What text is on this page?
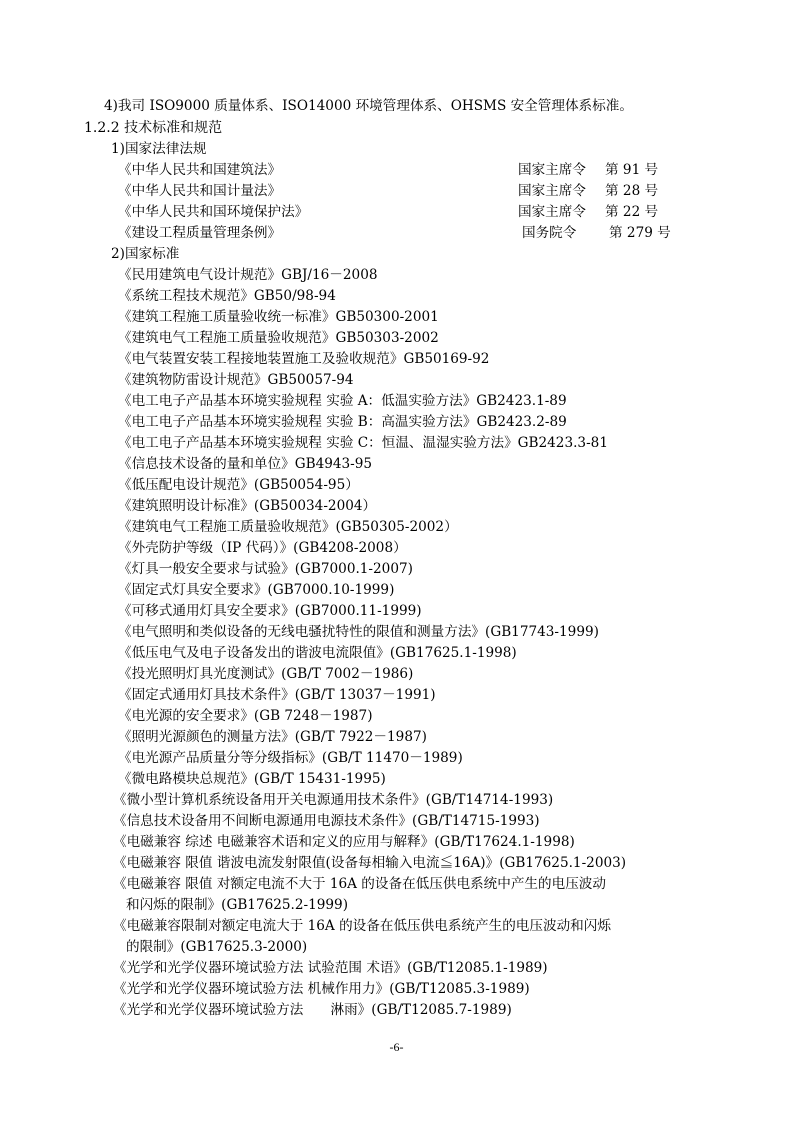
4)我司 ISO9000 质量体系、ISO14000 环境管理体系、OHSMS 安全管理体系标准。
1.2.2 技术标准和规范
1)国家法律法规
《中华人民共和国建筑法》	国家主席令 第 91 号
《中华人民共和国计量法》	国家主席令 第 28 号
《中华人民共和国环境保护法》	国家主席令 第 22 号
《建设工程质量管理条例》	国务院令 第 279 号
2)国家标准
《民用建筑电气设计规范》GBJ/16－2008
《系统工程技术规范》GB50/98-94
《建筑工程施工质量验收统一标准》GB50300-2001
《建筑电气工程施工质量验收规范》GB50303-2002
《电气装置安装工程接地装置施工及验收规范》GB50169-92
《建筑物防雷设计规范》GB50057-94
《电工电子产品基本环境实验规程 实验 A：低温实验方法》GB2423.1-89
《电工电子产品基本环境实验规程 实验 B：高温实验方法》GB2423.2-89
《电工电子产品基本环境实验规程 实验 C：恒温、温湿实验方法》GB2423.3-81
《信息技术设备的量和单位》GB4943-95
《低压配电设计规范》(GB50054-95）
《建筑照明设计标准》(GB50034-2004）
《建筑电气工程施工质量验收规范》(GB50305-2002）
《外壳防护等级（IP 代码）》(GB4208-2008）
《灯具一般安全要求与试验》(GB7000.1-2007)
《固定式灯具安全要求》(GB7000.10-1999)
《可移式通用灯具安全要求》(GB7000.11-1999)
《电气照明和类似设备的无线电骚扰特性的限值和测量方法》(GB17743-1999)
《低压电气及电子设备发出的谐波电流限值》(GB17625.1-1998)
《投光照明灯具光度测试》(GB/T 7002－1986)
《固定式通用灯具技术条件》(GB/T 13037－1991)
《电光源的安全要求》(GB 7248－1987)
《照明光源颜色的测量方法》(GB/T 7922－1987)
《电光源产品质量分等分级指标》(GB/T 11470－1989)
《微电路模块总规范》(GB/T 15431-1995)
《微小型计算机系统设备用开关电源通用技术条件》(GB/T14714-1993)
《信息技术设备用不间断电源通用电源技术条件》(GB/T14715-1993)
《电磁兼容 综述 电磁兼容术语和定义的应用与解释》(GB/T17624.1-1998)
《电磁兼容 限值 谐波电流发射限值(设备每相输入电流≦16A)》(GB17625.1-2003)
《电磁兼容 限值 对额定电流不大于 16A 的设备在低压供电系统中产生的电压波动
和闪烁的限制》(GB17625.2-1999)
《电磁兼容限制对额定电流大于 16A 的设备在低压供电系统产生的电压波动和闪烁
的限制》(GB17625.3-2000)
《光学和光学仪器环境试验方法 试验范围 术语》(GB/T12085.1-1989)
《光学和光学仪器环境试验方法 机械作用力》(GB/T12085.3-1989)
《光学和光学仪器环境试验方法　　淋雨》(GB/T12085.7-1989)
-6-
